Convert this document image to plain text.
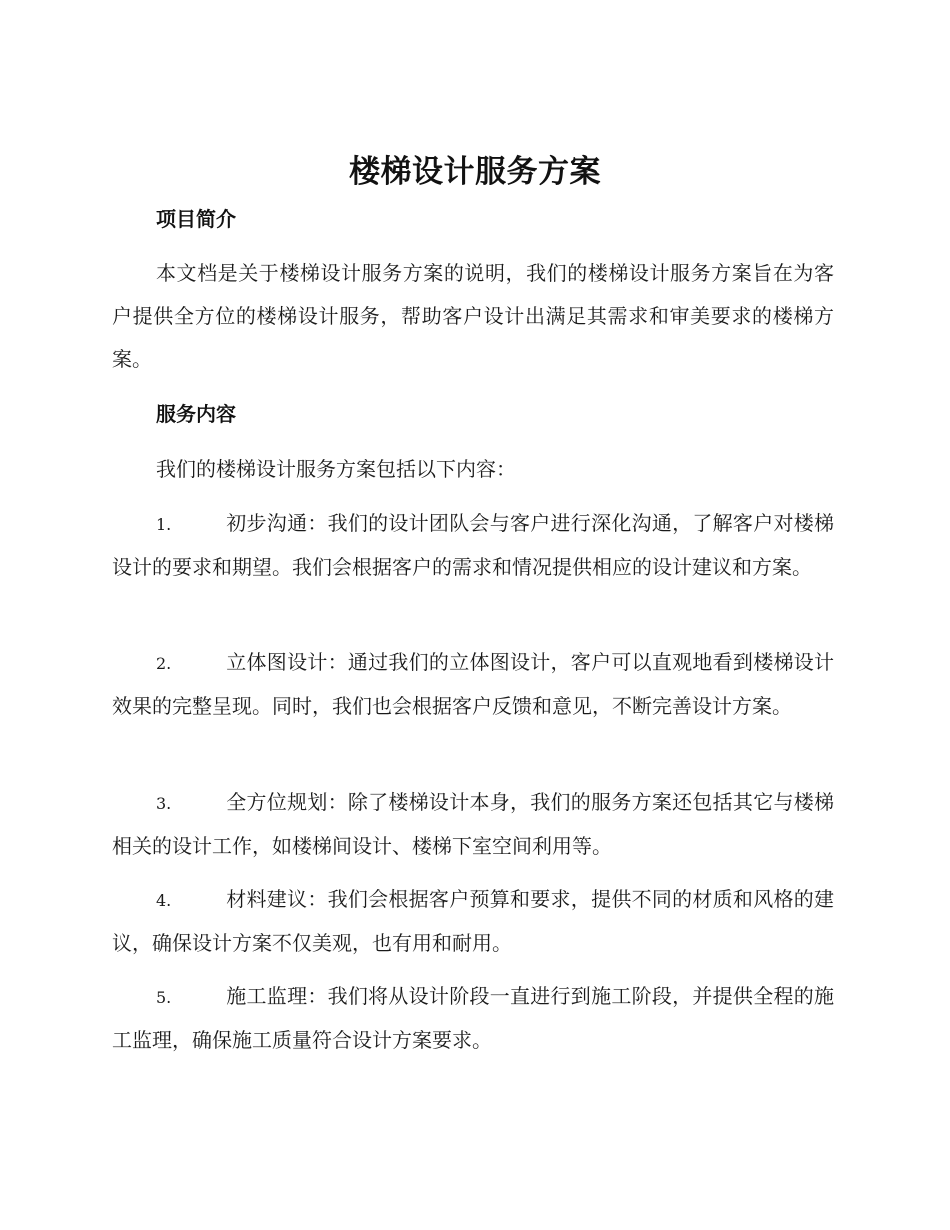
楼梯设计服务方案
项目简介

本文档是关于楼梯设计服务方案的说明，我们的楼梯设计服务方案旨在为客户提供全方位的楼梯设计服务，帮助客户设计出满足其需求和审美要求的楼梯方案。

服务内容

我们的楼梯设计服务方案包括以下内容：

1.	初步沟通：我们的设计团队会与客户进行深化沟通，了解客户对楼梯设计的要求和期望。我们会根据客户的需求和情况提供相应的设计建议和方案。

2.	立体图设计：通过我们的立体图设计，客户可以直观地看到楼梯设计效果的完整呈现。同时，我们也会根据客户反馈和意见，不断完善设计方案。

3.	全方位规划：除了楼梯设计本身，我们的服务方案还包括其它与楼梯相关的设计工作，如楼梯间设计、楼梯下室空间利用等。

4.	材料建议：我们会根据客户预算和要求，提供不同的材质和风格的建议，确保设计方案不仅美观，也有用和耐用。

5.	施工监理：我们将从设计阶段一直进行到施工阶段，并提供全程的施工监理，确保施工质量符合设计方案要求。
